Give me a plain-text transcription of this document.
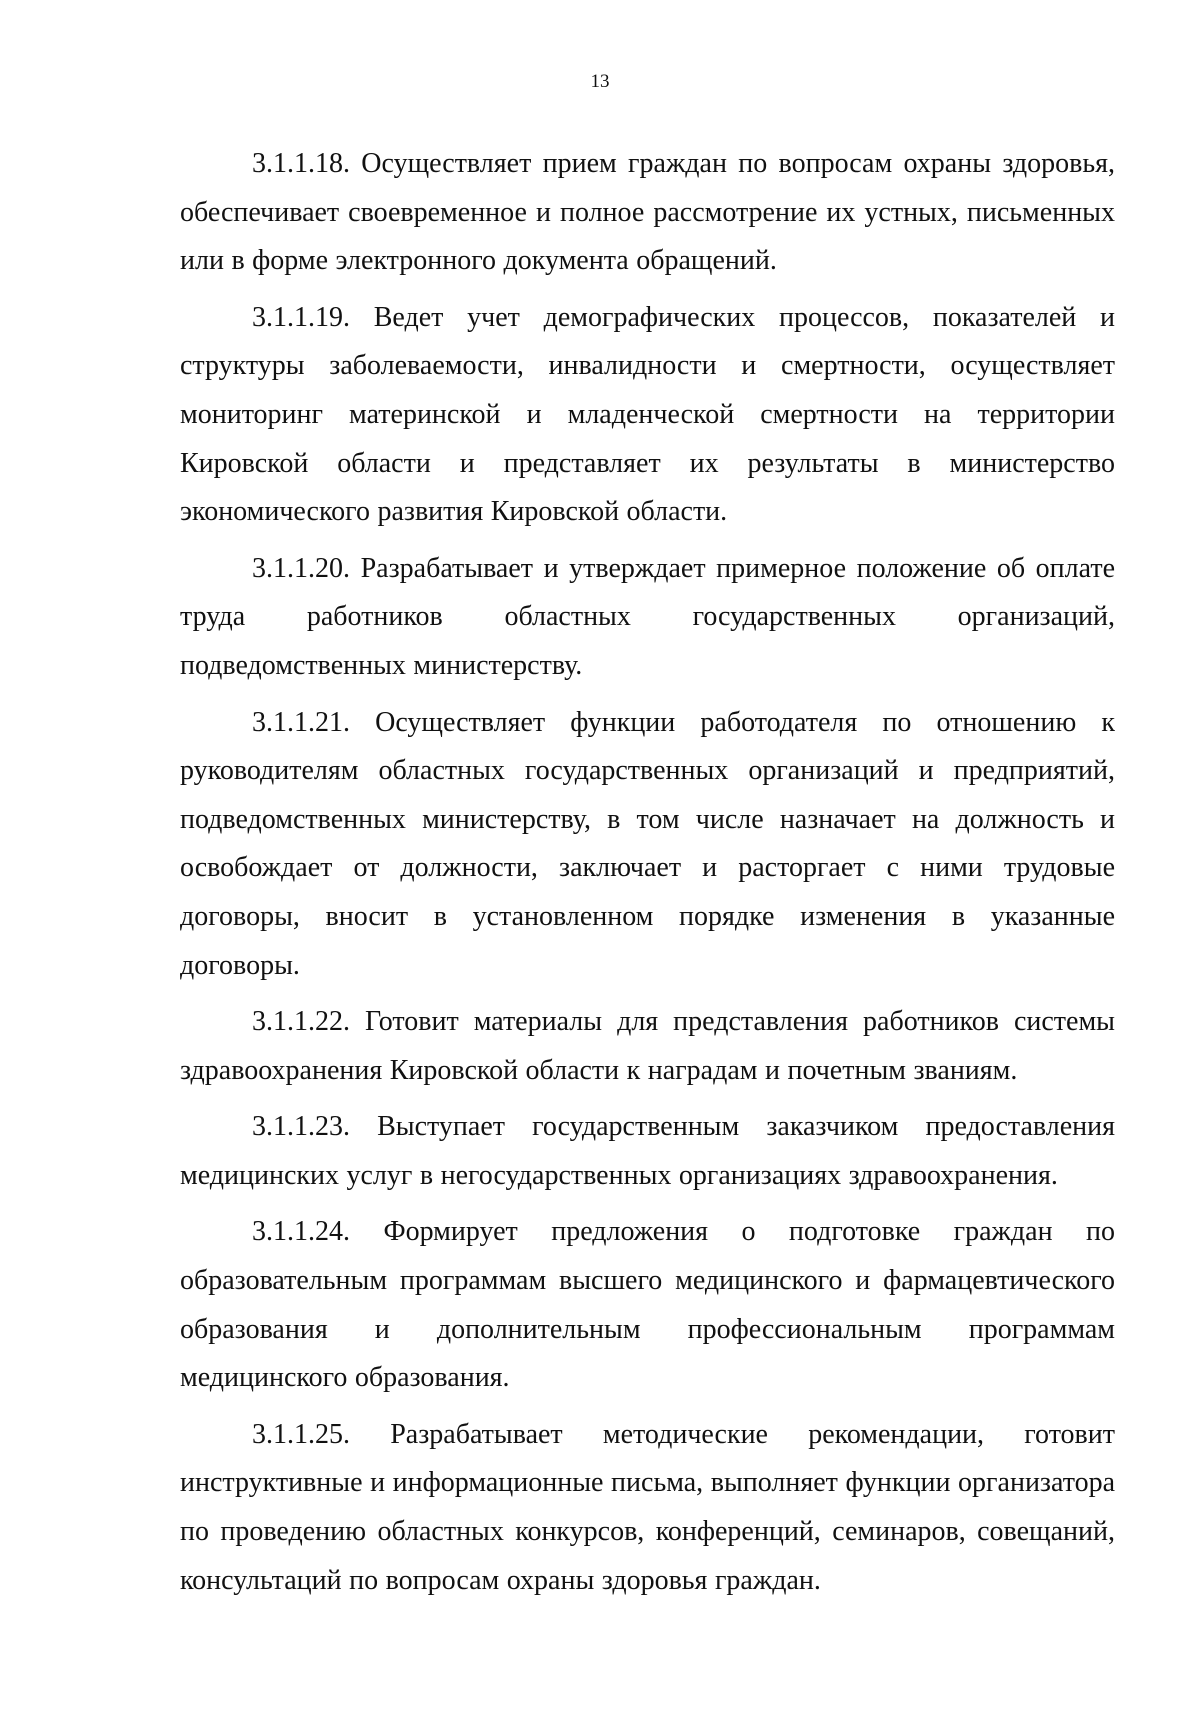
13

3.1.1.18. Осуществляет прием граждан по вопросам охраны здоровья, обеспечивает своевременное и полное рассмотрение их устных, письменных или в форме электронного документа обращений.

3.1.1.19. Ведет учет демографических процессов, показателей и структуры заболеваемости, инвалидности и смертности, осуществляет мониторинг материнской и младенческой смертности на территории Кировской области и представляет их результаты в министерство экономического развития Кировской области.

3.1.1.20. Разрабатывает и утверждает примерное положение об оплате труда работников областных государственных организаций, подведомственных министерству.

3.1.1.21. Осуществляет функции работодателя по отношению к руководителям областных государственных организаций и предприятий, подведомственных министерству, в том числе назначает на должность и освобождает от должности, заключает и расторгает с ними трудовые договоры, вносит в установленном порядке изменения в указанные договоры.

3.1.1.22. Готовит материалы для представления работников системы здравоохранения Кировской области к наградам и почетным званиям.

3.1.1.23. Выступает государственным заказчиком предоставления медицинских услуг в негосударственных организациях здравоохранения.

3.1.1.24. Формирует предложения о подготовке граждан по образовательным программам высшего медицинского и фармацевтического образования и дополнительным профессиональным программам медицинского образования.

3.1.1.25. Разрабатывает методические рекомендации, готовит инструктивные и информационные письма, выполняет функции организатора по проведению областных конкурсов, конференций, семинаров, совещаний, консультаций по вопросам охраны здоровья граждан.
